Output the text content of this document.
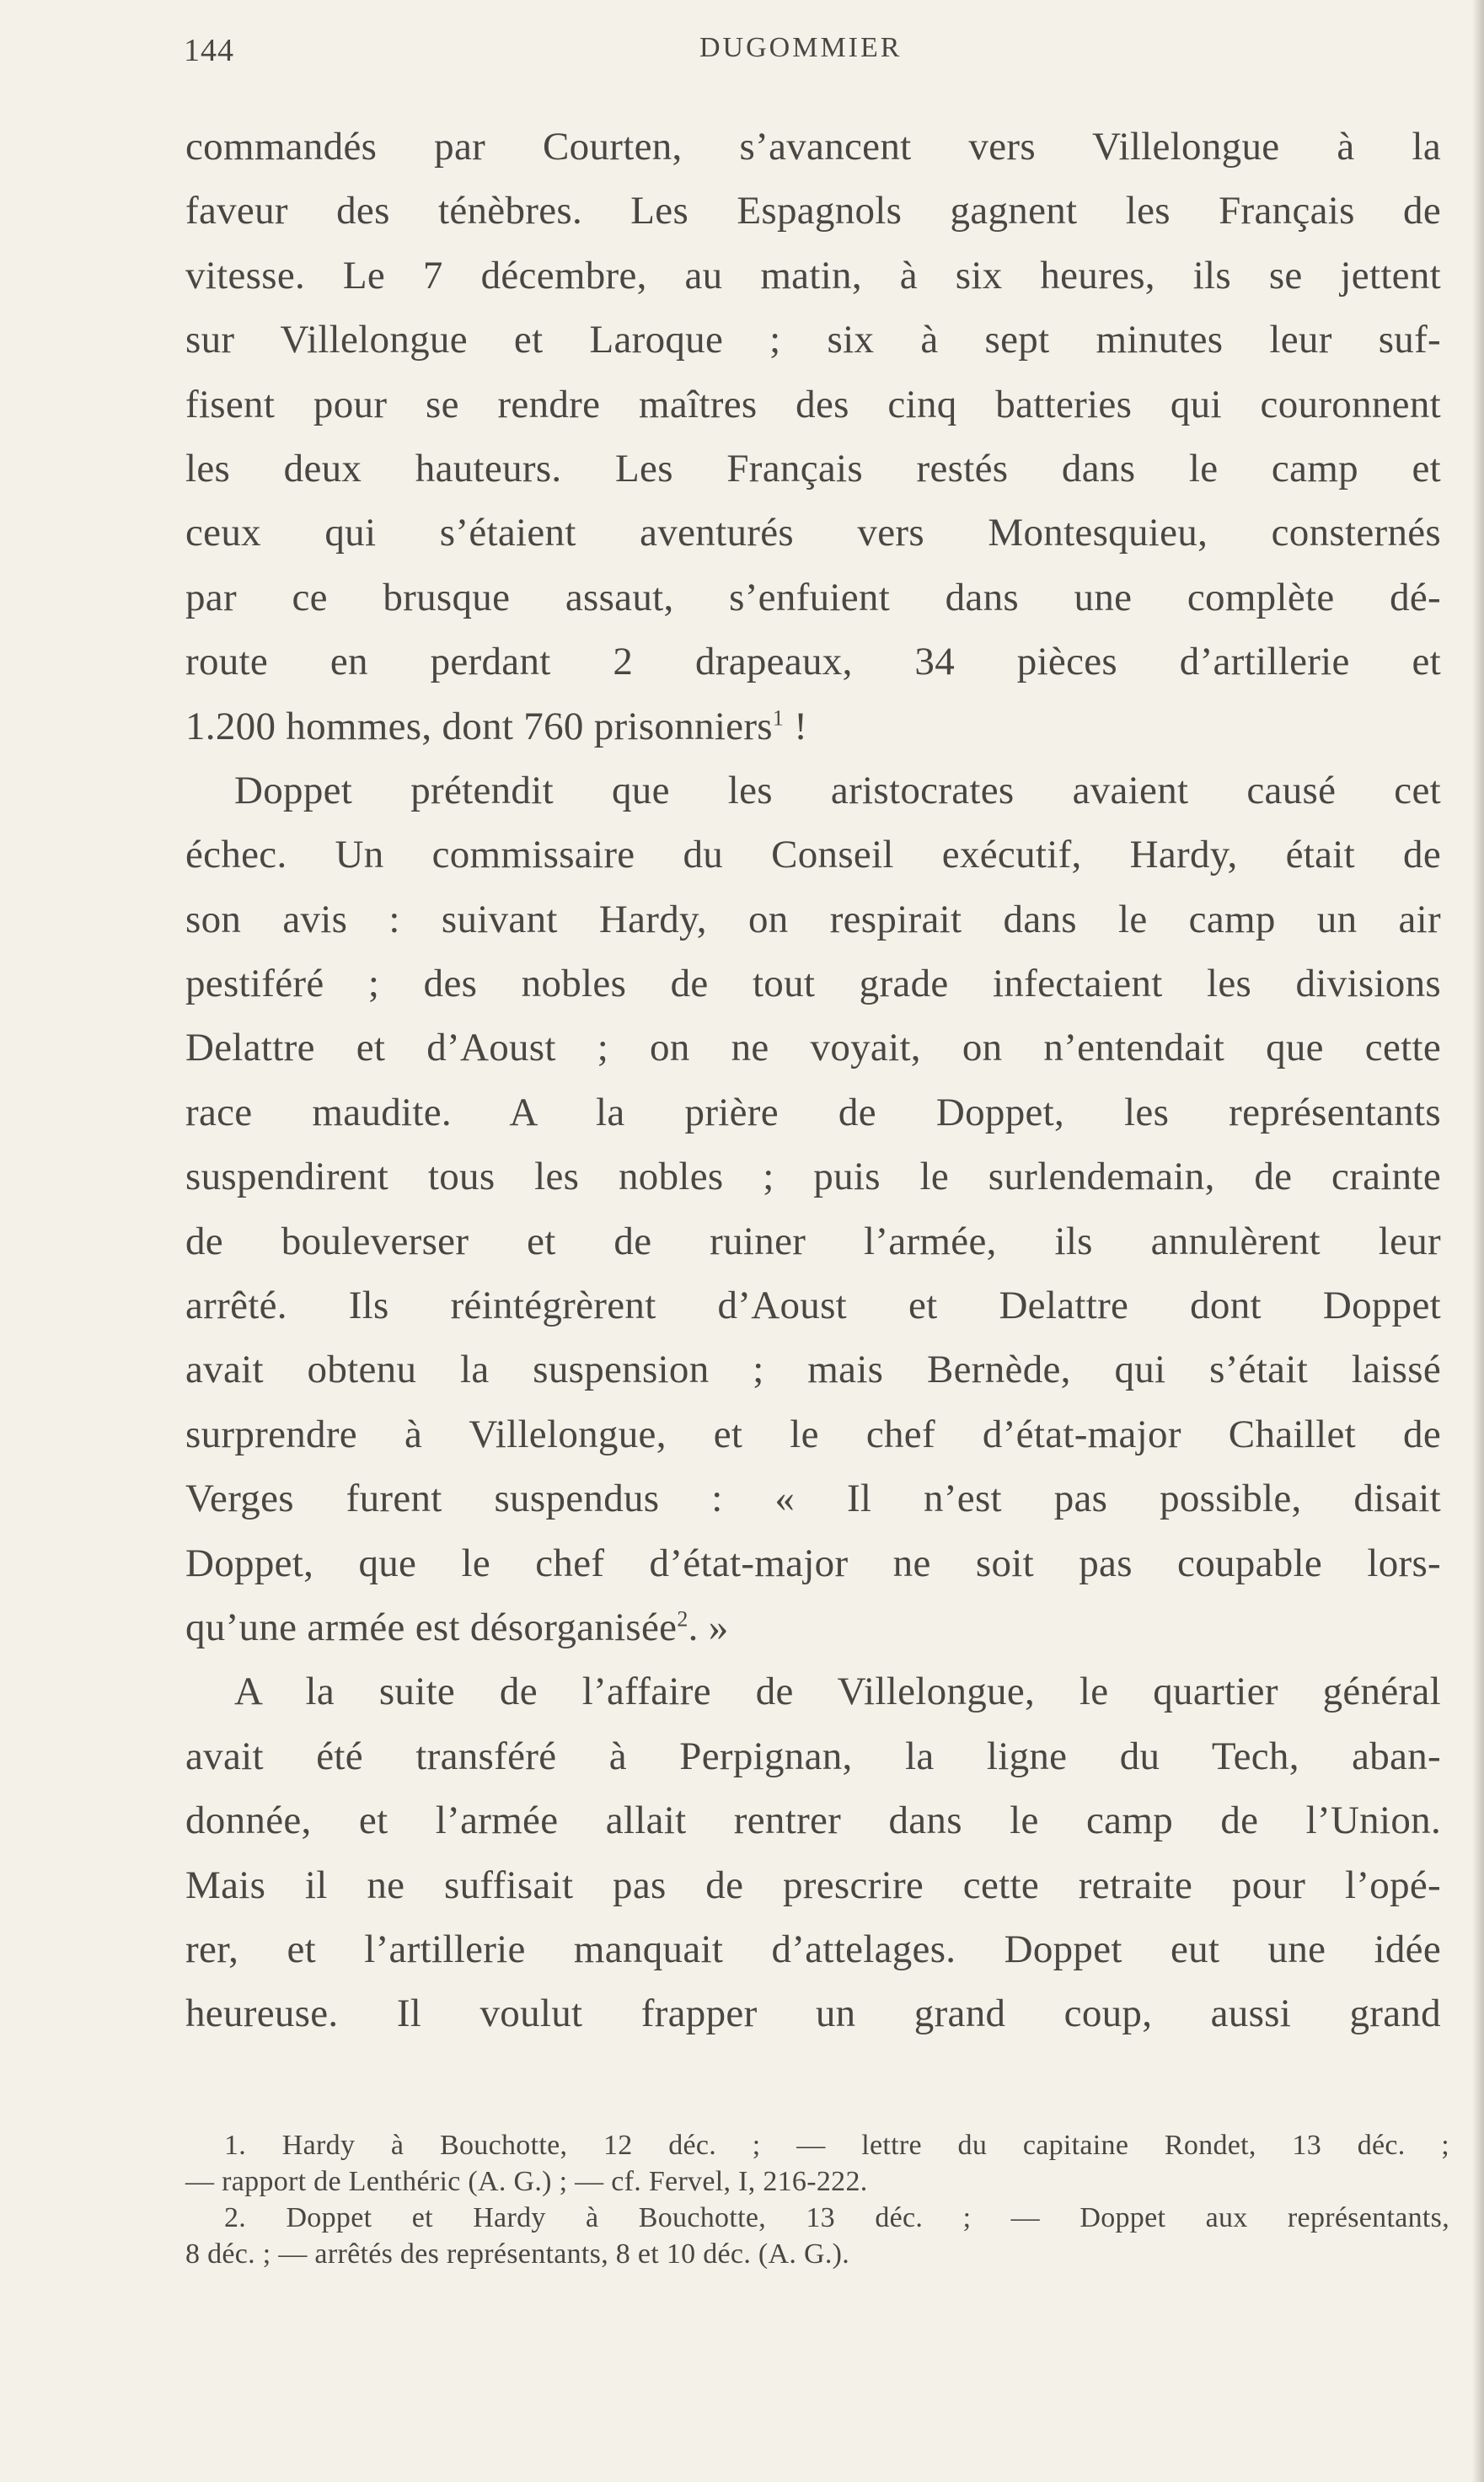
144	DUGOMMIER
commandés par Courten, s’avancent vers Villelongue à la
faveur des ténèbres. Les Espagnols gagnent les Français de
vitesse. Le 7 décembre, au matin, à six heures, ils se jettent
sur Villelongue et Laroque ; six à sept minutes leur suf-
fisent pour se rendre maîtres des cinq batteries qui couronnent
les deux hauteurs. Les Français restés dans le camp et
ceux qui s’étaient aventurés vers Montesquieu, consternés
par ce brusque assaut, s’enfuient dans une complète dé-
route en perdant 2 drapeaux, 34 pièces d’artillerie et
1.200 hommes, dont 760 prisonniers$^1$ !
Doppet prétendit que les aristocrates avaient causé cet
échec. Un commissaire du Conseil exécutif, Hardy, était de
son avis : suivant Hardy, on respirait dans le camp un air
pestiféré ; des nobles de tout grade infectaient les divisions
Delattre et d’Aoust ; on ne voyait, on n’entendait que cette
race maudite. A la prière de Doppet, les représentants
suspendirent tous les nobles ; puis le surlendemain, de crainte
de bouleverser et de ruiner l’armée, ils annulèrent leur
arrêté. Ils réintégrèrent d’Aoust et Delattre dont Doppet
avait obtenu la suspension ; mais Bernède, qui s’était laissé
surprendre à Villelongue, et le chef d’état-major Chaillet de
Verges furent suspendus : « Il n’est pas possible, disait
Doppet, que le chef d’état-major ne soit pas coupable lors-
qu’une armée est désorganisée$^2$. »
A la suite de l’affaire de Villelongue, le quartier général
avait été transféré à Perpignan, la ligne du Tech, aban-
donnée, et l’armée allait rentrer dans le camp de l’Union.
Mais il ne suffisait pas de prescrire cette retraite pour l’opé-
rer, et l’artillerie manquait d’attelages. Doppet eut une idée
heureuse. Il voulut frapper un grand coup, aussi grand
1. Hardy à Bouchotte, 12 déc. ; — lettre du capitaine Rondet, 13 déc. ;
— rapport de Lenthéric (A. G.) ; — cf. Fervel, I, 216-222.
2. Doppet et Hardy à Bouchotte, 13 déc. ; — Doppet aux représentants,
8 déc. ; — arrêtés des représentants, 8 et 10 déc. (A. G.).
